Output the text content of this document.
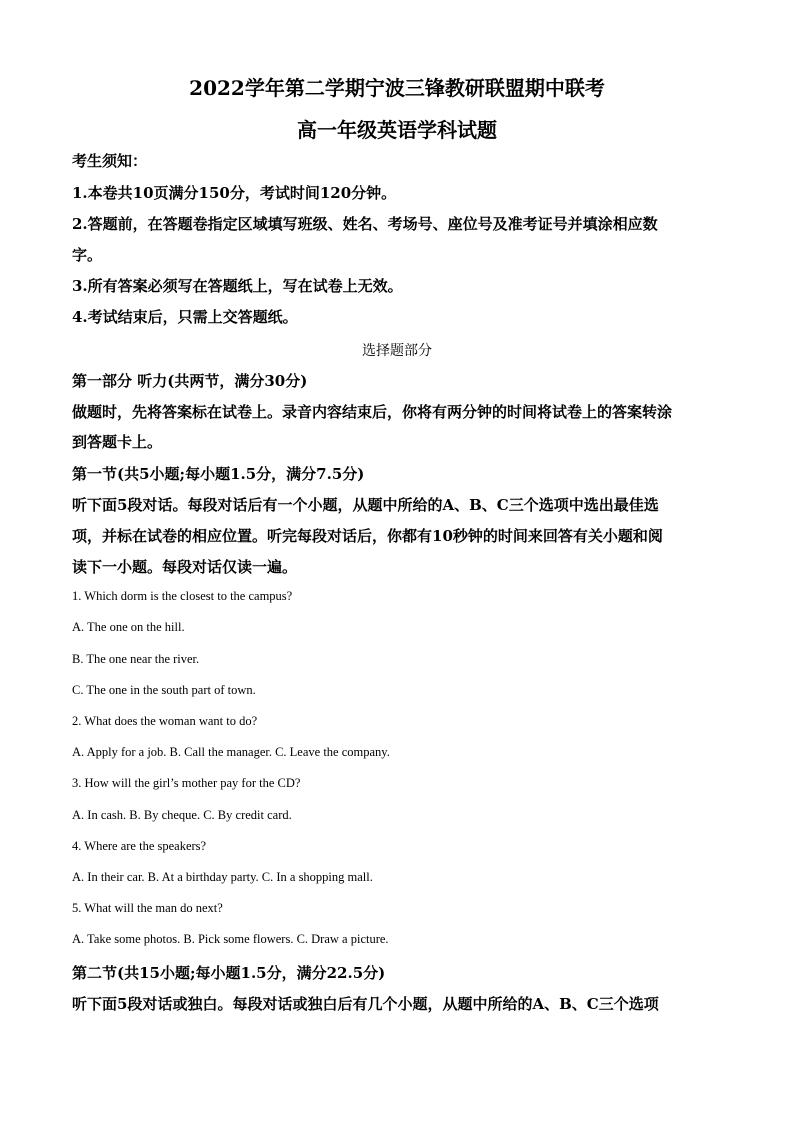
2022学年第二学期宁波三锋教研联盟期中联考
高一年级英语学科试题
考生须知：
1.本卷共10页满分150分，考试时间120分钟。
2.答题前，在答题卷指定区域填写班级、姓名、考场号、座位号及准考证号并填涂相应数
字。
3.所有答案必须写在答题纸上，写在试卷上无效。
4.考试结束后，只需上交答题纸。
选择题部分
第一部分 听力(共两节，满分30分)
做题时，先将答案标在试卷上。录音内容结束后，你将有两分钟的时间将试卷上的答案转涂
到答题卡上。
第一节(共5小题;每小题1.5分，满分7.5分)
听下面5段对话。每段对话后有一个小题，从题中所给的A、B、C三个选项中选出最佳选
项，并标在试卷的相应位置。听完每段对话后，你都有10秒钟的时间来回答有关小题和阅
读下一小题。每段对话仅读一遍。
1. Which dorm is the closest to the campus?
A. The one on the hill.
B. The one near the river.
C. The one in the south part of town.
2. What does the woman want to do?
A. Apply for a job. B. Call the manager. C. Leave the company.
3. How will the girl’s mother pay for the CD?
A. In cash. B. By cheque. C. By credit card.
4. Where are the speakers?
A. In their car. B. At a birthday party. C. In a shopping mall.
5. What will the man do next?
A. Take some photos. B. Pick some flowers. C. Draw a picture.
第二节(共15小题;每小题1.5分，满分22.5分)
听下面5段对话或独白。每段对话或独白后有几个小题，从题中所给的A、B、C三个选项
